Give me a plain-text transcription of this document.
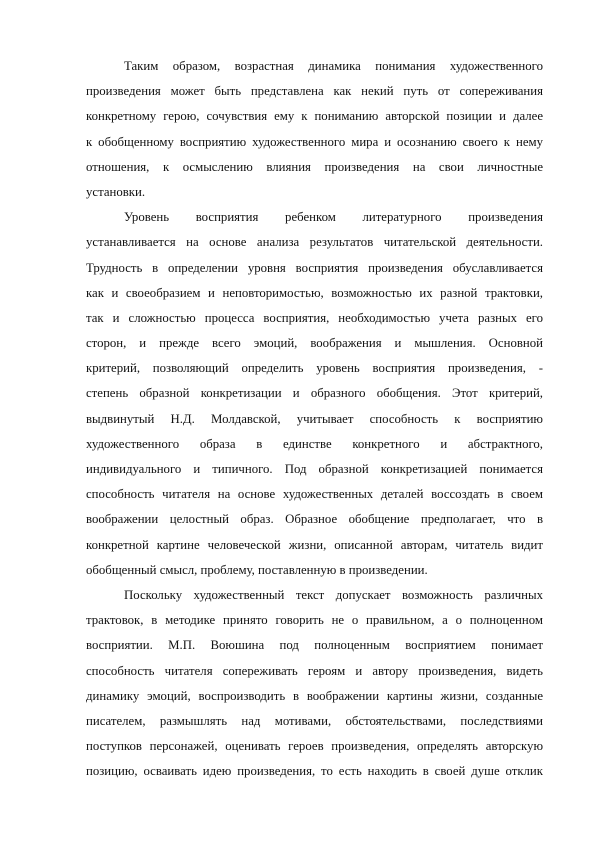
Таким образом, возрастная динамика понимания художественного
произведения может быть представлена как некий путь от сопереживания
конкретному герою, сочувствия ему к пониманию авторской позиции и далее
к обобщенному восприятию художественного мира и осознанию своего к нему
отношения, к осмыслению влияния произведения на свои личностные
установки.
Уровень восприятия ребенком литературного произведения
устанавливается на основе анализа результатов читательской деятельности.
Трудность в определении уровня восприятия произведения обуславливается
как и своеобразием и неповторимостью, возможностью их разной трактовки,
так и сложностью процесса восприятия, необходимостью учета разных его
сторон, и прежде всего эмоций, воображения и мышления. Основной
критерий, позволяющий определить уровень восприятия произведения, -
степень образной конкретизации и образного обобщения. Этот критерий,
выдвинутый Н.Д. Молдавской, учитывает способность к восприятию
художественного образа в единстве конкретного и абстрактного,
индивидуального и типичного. Под образной конкретизацией понимается
способность читателя на основе художественных деталей воссоздать в своем
воображении целостный образ. Образное обобщение предполагает, что в
конкретной картине человеческой жизни, описанной авторам, читатель видит
обобщенный смысл, проблему, поставленную в произведении.
Поскольку художественный текст допускает возможность различных
трактовок, в методике принято говорить не о правильном, а о полноценном
восприятии. М.П. Воюшина под полноценным восприятием понимает
способность читателя сопереживать героям и автору произведения, видеть
динамику эмоций, воспроизводить в воображении картины жизни, созданные
писателем, размышлять над мотивами, обстоятельствами, последствиями
поступков персонажей, оценивать героев произведения, определять авторскую
позицию, осваивать идею произведения, то есть находить в своей душе отклик
